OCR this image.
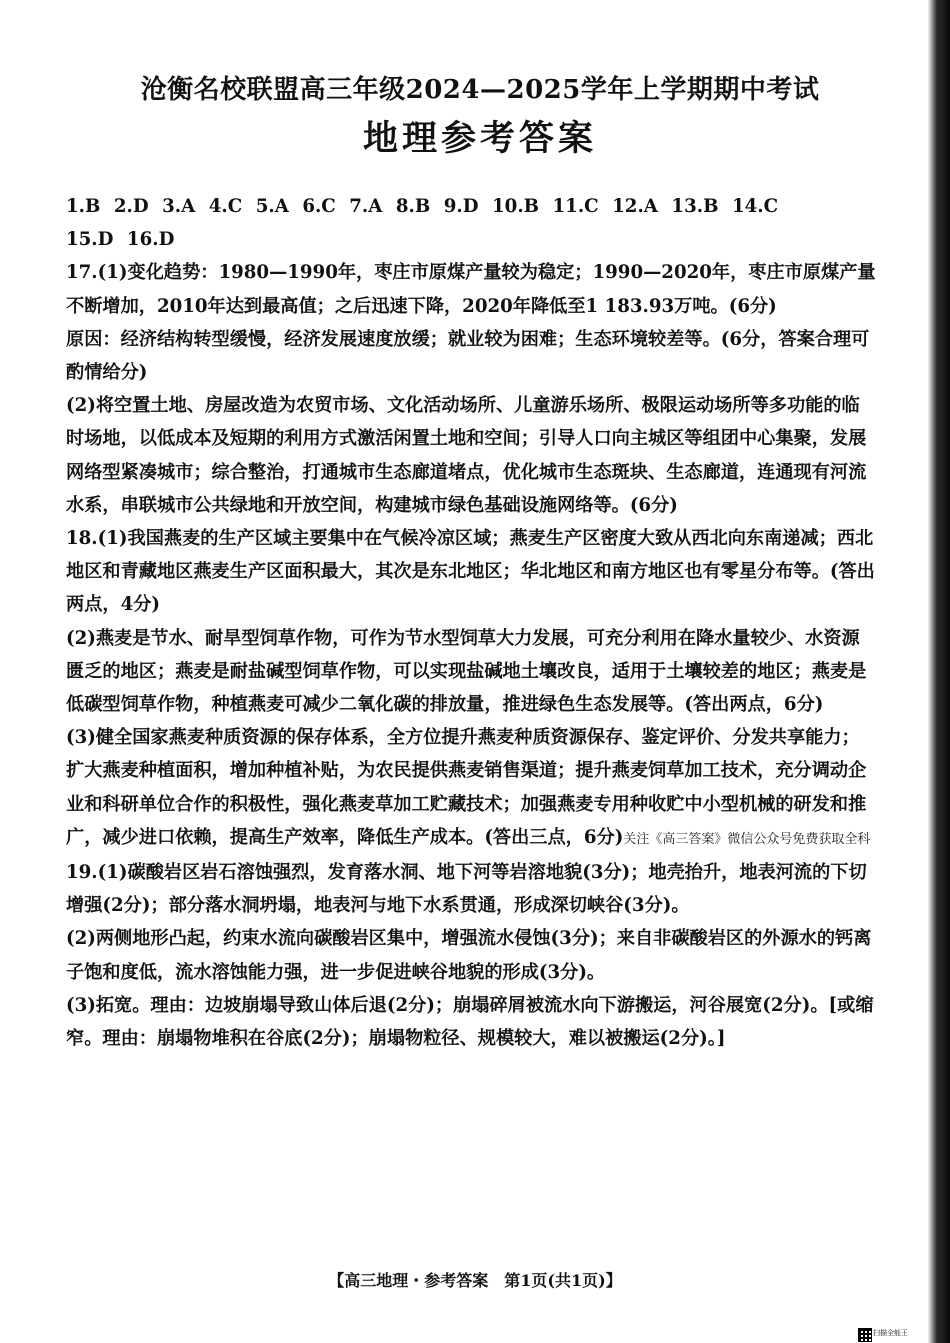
沧衡名校联盟高三年级2024—2025学年上学期期中考试
地理参考答案
1.B 2.D 3.A 4.C 5.A 6.C 7.A 8.B 9.D 10.B 11.C 12.A 13.B 14.C
15.D 16.D
17.(1)变化趋势：1980—1990年，枣庄市原煤产量较为稳定；1990—2020年，枣庄市原煤产量不断增加，2010年达到最高值；之后迅速下降，2020年降低至1 183.93万吨。(6分)
原因：经济结构转型缓慢，经济发展速度放缓；就业较为困难；生态环境较差等。(6分，答案合理可酌情给分)
(2)将空置土地、房屋改造为农贸市场、文化活动场所、儿童游乐场所、极限运动场所等多功能的临时场地，以低成本及短期的利用方式激活闲置土地和空间；引导人口向主城区等组团中心集聚，发展网络型紧凑城市；综合整治，打通城市生态廊道堵点，优化城市生态斑块、生态廊道，连通现有河流水系，串联城市公共绿地和开放空间，构建城市绿色基础设施网络等。(6分)
18.(1)我国燕麦的生产区域主要集中在气候冷凉区域；燕麦生产区密度大致从西北向东南递减；西北地区和青藏地区燕麦生产区面积最大，其次是东北地区；华北地区和南方地区也有零星分布等。(答出两点，4分)
(2)燕麦是节水、耐旱型饲草作物，可作为节水型饲草大力发展，可充分利用在降水量较少、水资源匮乏的地区；燕麦是耐盐碱型饲草作物，可以实现盐碱地土壤改良，适用于土壤较差的地区；燕麦是低碳型饲草作物，种植燕麦可减少二氧化碳的排放量，推进绿色生态发展等。(答出两点，6分)
(3)健全国家燕麦种质资源的保存体系，全方位提升燕麦种质资源保存、鉴定评价、分发共享能力；扩大燕麦种植面积，增加种植补贴，为农民提供燕麦销售渠道；提升燕麦饲草加工技术，充分调动企业和科研单位合作的积极性，强化燕麦草加工贮藏技术；加强燕麦专用种收贮中小型机械的研发和推广，减少进口依赖，提高生产效率，降低生产成本。(答出三点，6分)关注《高三答案》微信公众号免费获取全科
19.(1)碳酸岩区岩石溶蚀强烈，发育落水洞、地下河等岩溶地貌(3分)；地壳抬升，地表河流的下切增强(2分)；部分落水洞坍塌，地表河与地下水系贯通，形成深切峡谷(3分)。
(2)两侧地形凸起，约束水流向碳酸岩区集中，增强流水侵蚀(3分)；来自非碳酸岩区的外源水的钙离子饱和度低，流水溶蚀能力强，进一步促进峡谷地貌的形成(3分)。
(3)拓宽。理由：边坡崩塌导致山体后退(2分)；崩塌碎屑被流水向下游搬运，河谷展宽(2分)。[或缩窄。理由：崩塌物堆积在谷底(2分)；崩塌物粒径、规模较大，难以被搬运(2分)。]
【高三地理・参考答案　第1页(共1页)】
扫描全能王
